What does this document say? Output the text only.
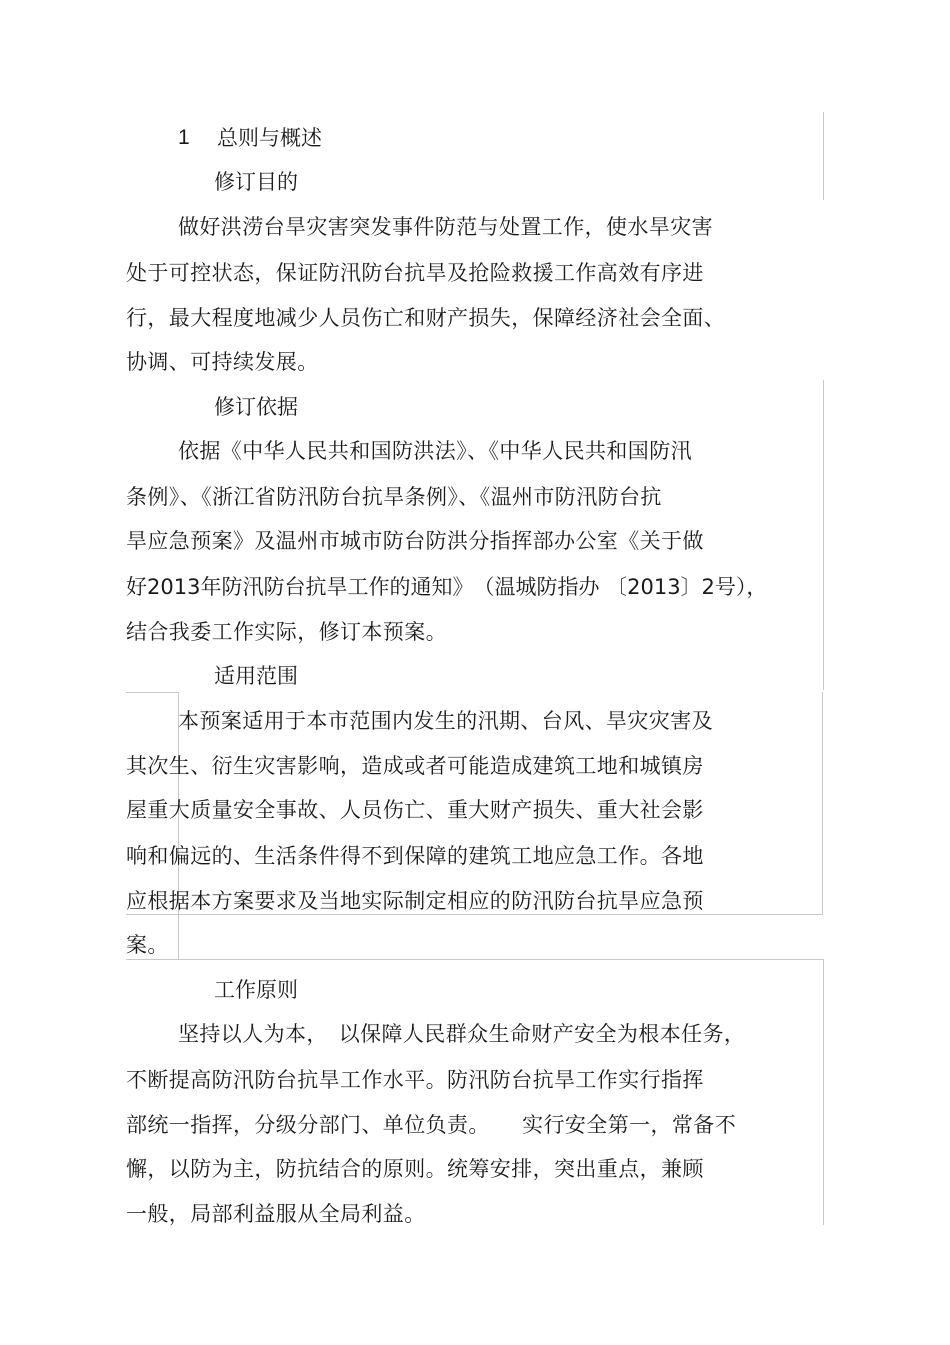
1 总则与概述
修订目的
做好洪涝台旱灾害突发事件防范与处置工作，使水旱灾害
处于可控状态，保证防汛防台抗旱及抢险救援工作高效有序进
行，最大程度地减少人员伤亡和财产损失，保障经济社会全面、
协调、可持续发展。
修订依据
依据《中华人民共和国防洪法》、《中华人民共和国防汛
条例》、《浙江省防汛防台抗旱条例》、《温州市防汛防台抗
旱应急预案》及温州市城市防台防洪分指挥部办公室《关于做
好2013年防汛防台抗旱工作的通知》　（温城防指办 〔2013〕2号），
结合我委工作实际，修订本预案。
适用范围
本预案适用于本市范围内发生的汛期、台风、旱灾灾害及
其次生、衍生灾害影响，造成或者可能造成建筑工地和城镇房
屋重大质量安全事故、人员伤亡、重大财产损失、重大社会影
响和偏远的、生活条件得不到保障的建筑工地应急工作。各地
应根据本方案要求及当地实际制定相应的防汛防台抗旱应急预
案。
工作原则
坚持以人为本，　以保障人民群众生命财产安全为根本任务，
不断提高防汛防台抗旱工作水平。防汛防台抗旱工作实行指挥
部统一指挥，分级分部门、单位负责。　　实行安全第一，常备不
懈，以防为主，防抗结合的原则。统筹安排，突出重点，兼顾
一般，局部利益服从全局利益。
